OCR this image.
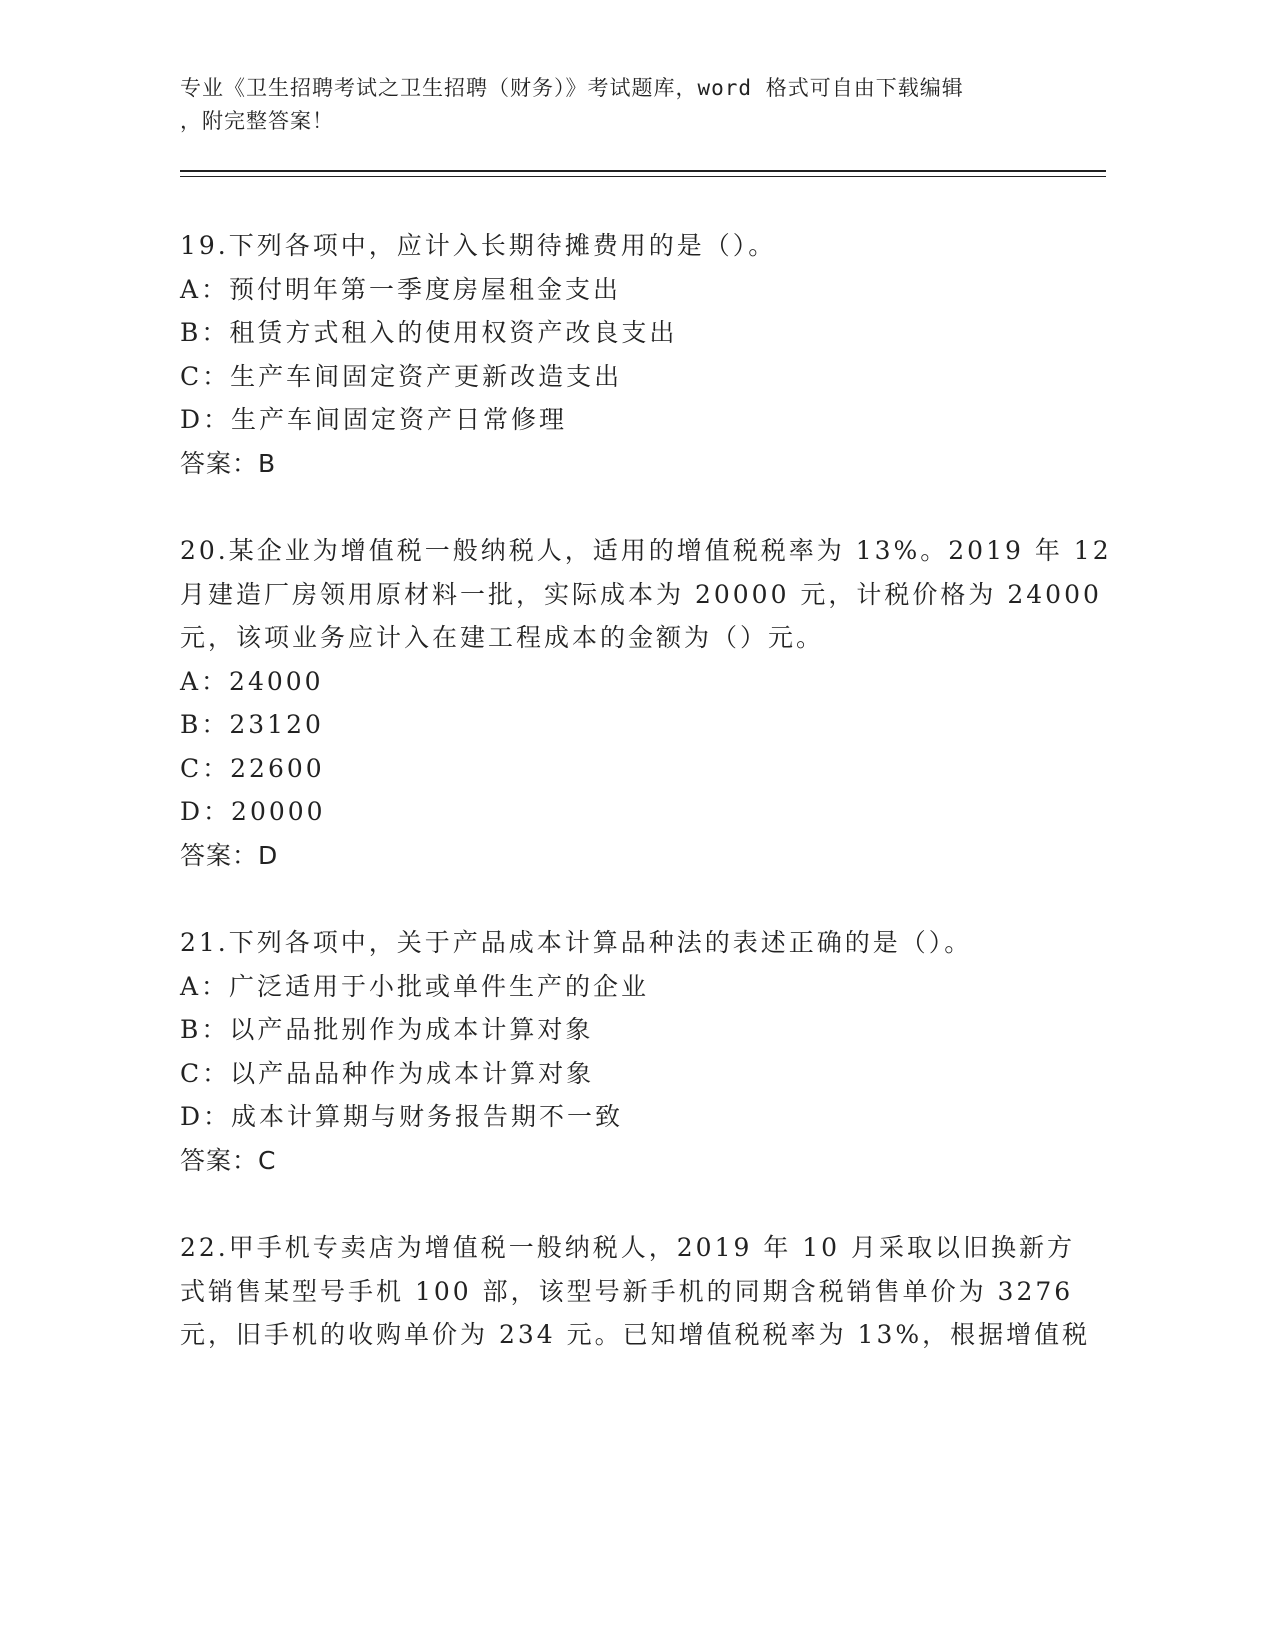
专业《卫生招聘考试之卫生招聘（财务）》考试题库，word 格式可自由下载编辑
，附完整答案！
19.下列各项中，应计入长期待摊费用的是（）。
A：预付明年第一季度房屋租金支出
B：租赁方式租入的使用权资产改良支出
C：生产车间固定资产更新改造支出
D：生产车间固定资产日常修理
答案：B
20.某企业为增值税一般纳税人，适用的增值税税率为 13%。2019 年 12
月建造厂房领用原材料一批，实际成本为 20000 元，计税价格为 24000
元，该项业务应计入在建工程成本的金额为（）元。
A：24000
B：23120
C：22600
D：20000
答案：D
21.下列各项中，关于产品成本计算品种法的表述正确的是（）。
A：广泛适用于小批或单件生产的企业
B：以产品批别作为成本计算对象
C：以产品品种作为成本计算对象
D：成本计算期与财务报告期不一致
答案：C
22.甲手机专卖店为增值税一般纳税人，2019 年 10 月采取以旧换新方
式销售某型号手机 100 部，该型号新手机的同期含税销售单价为 3276
元，旧手机的收购单价为 234 元。已知增值税税率为 13%，根据增值税
